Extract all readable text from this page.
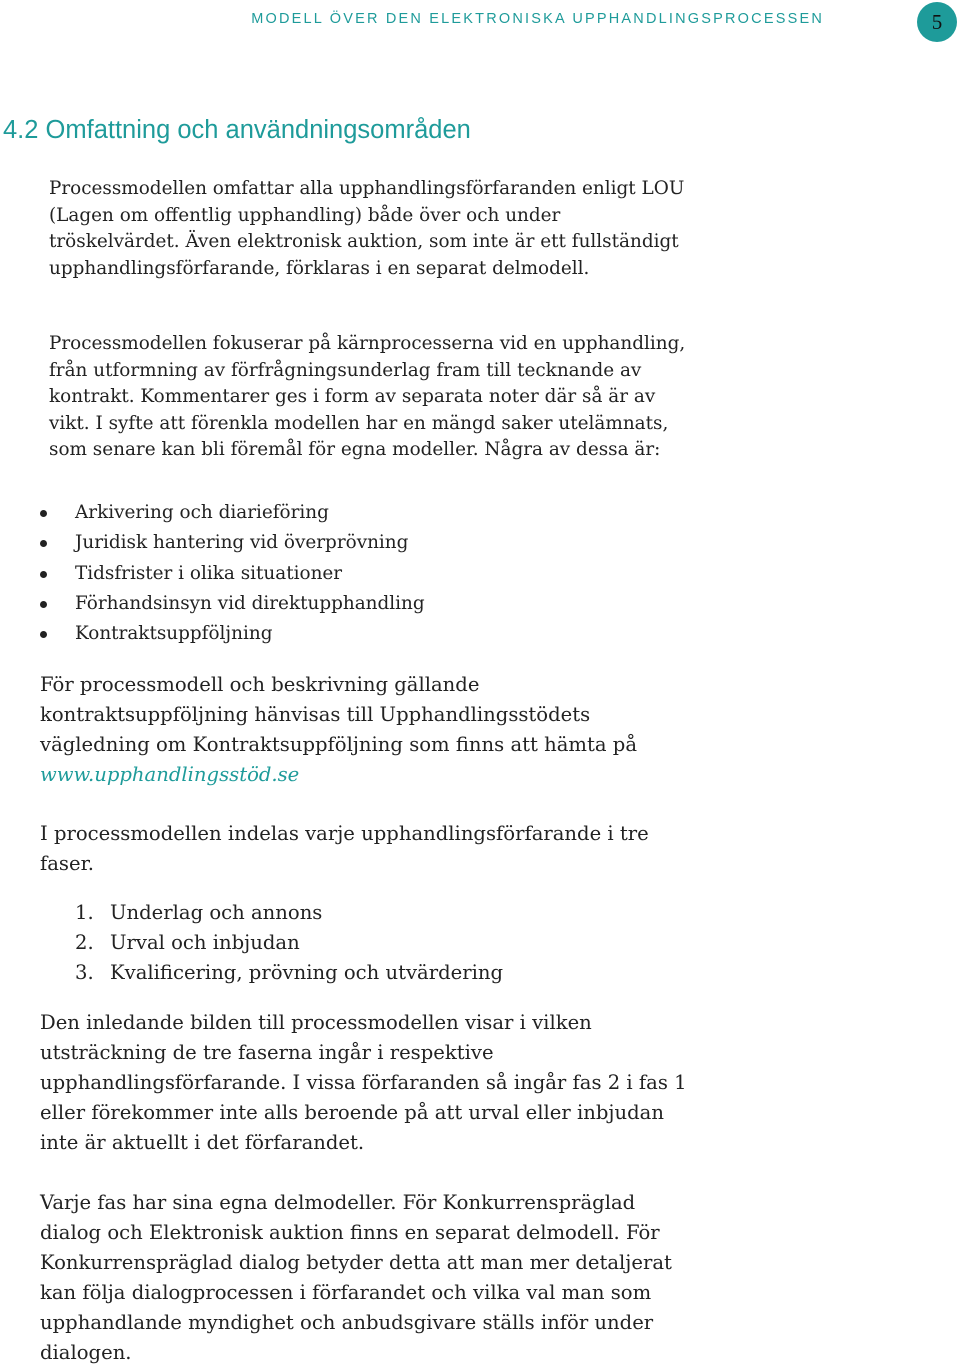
MODELL ÖVER DEN ELEKTRONISKA UPPHANDLINGSPROCESSEN	5
4.2 Omfattning och användningsområden

Processmodellen omfattar alla upphandlingsförfaranden enligt LOU (Lagen om offentlig upphandling) både över och under tröskelvärdet. Även elektronisk auktion, som inte är ett fullständigt upphandlingsförfarande, förklaras i en separat delmodell.

Processmodellen fokuserar på kärnprocesserna vid en upphandling, från utformning av förfrågningsunderlag fram till tecknande av kontrakt. Kommentarer ges i form av separata noter där så är av vikt. I syfte att förenkla modellen har en mängd saker utelämnats, som senare kan bli föremål för egna modeller. Några av dessa är:

Arkivering och diarieföring
Juridisk hantering vid överprövning
Tidsfrister i olika situationer
Förhandsinsyn vid direktupphandling
Kontraktsuppföljning

För processmodell och beskrivning gällande kontraktsuppföljning hänvisas till Upphandlingsstödets vägledning om Kontraktsuppföljning som finns att hämta på
www.upphandlingsstöd.se

I processmodellen indelas varje upphandlingsförfarande i tre faser.

1. Underlag och annons
2. Urval och inbjudan
3. Kvalificering, prövning och utvärdering

Den inledande bilden till processmodellen visar i vilken utsträckning de tre faserna ingår i respektive upphandlingsförfarande. I vissa förfaranden så ingår fas 2 i fas 1 eller förekommer inte alls beroende på att urval eller inbjudan inte är aktuellt i det förfarandet.

Varje fas har sina egna delmodeller. För Konkurrenspräglad dialog och Elektronisk auktion finns en separat delmodell. För Konkurrenspräglad dialog betyder detta att man mer detaljerat kan följa dialogprocessen i förfarandet och vilka val man som upphandlande myndighet och anbudsgivare ställs inför under dialogen.
